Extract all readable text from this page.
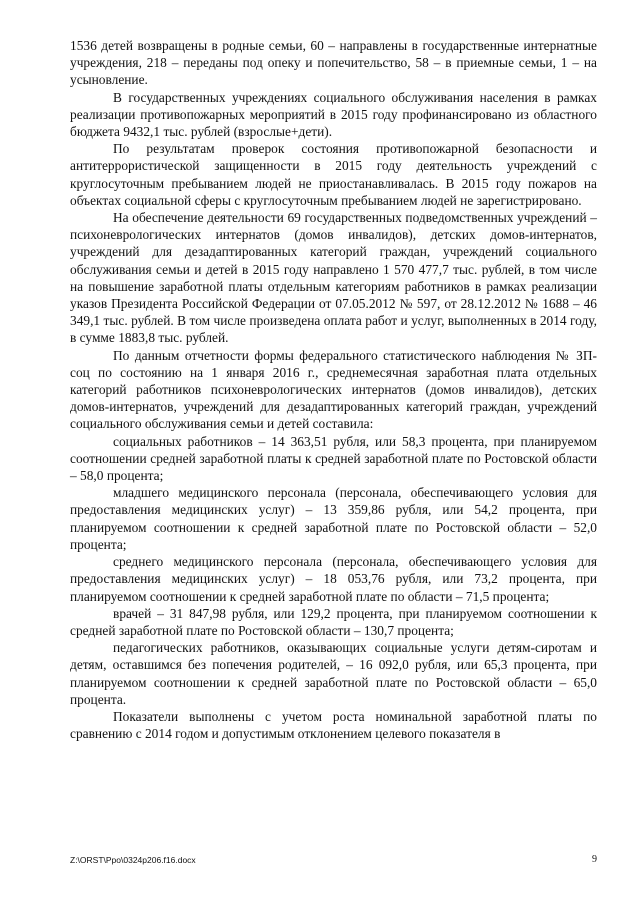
1536 детей возвращены в родные семьи, 60 – направлены в государственные интернатные учреждения, 218 – переданы под опеку и попечительство, 58 – в приемные семьи, 1 – на усыновление.

В государственных учреждениях социального обслуживания населения в рамках реализации противопожарных мероприятий в 2015 году профинансировано из областного бюджета 9432,1 тыс. рублей (взрослые+дети).

По результатам проверок состояния противопожарной безопасности и антитеррористической защищенности в 2015 году деятельность учреждений с круглосуточным пребыванием людей не приостанавливалась. В 2015 году пожаров на объектах социальной сферы с круглосуточным пребыванием людей не зарегистрировано.

На обеспечение деятельности 69 государственных подведомственных учреждений – психоневрологических интернатов (домов инвалидов), детских домов-интернатов, учреждений для дезадаптированных категорий граждан, учреждений социального обслуживания семьи и детей в 2015 году направлено 1 570 477,7 тыс. рублей, в том числе на повышение заработной платы отдельным категориям работников в рамках реализации указов Президента Российской Федерации от 07.05.2012 № 597, от 28.12.2012 № 1688 – 46 349,1 тыс. рублей. В том числе произведена оплата работ и услуг, выполненных в 2014 году, в сумме 1883,8 тыс. рублей.

По данным отчетности формы федерального статистического наблюдения № ЗП-соц по состоянию на 1 января 2016 г., среднемесячная заработная плата отдельных категорий работников психоневрологических интернатов (домов инвалидов), детских домов-интернатов, учреждений для дезадаптированных категорий граждан, учреждений социального обслуживания семьи и детей составила:

социальных работников – 14 363,51 рубля, или 58,3 процента, при планируемом соотношении средней заработной платы к средней заработной плате по Ростовской области – 58,0 процента;

младшего медицинского персонала (персонала, обеспечивающего условия для предоставления медицинских услуг) – 13 359,86 рубля, или 54,2 процента, при планируемом соотношении к средней заработной плате по Ростовской области – 52,0 процента;

среднего медицинского персонала (персонала, обеспечивающего условия для предоставления медицинских услуг) – 18 053,76 рубля, или 73,2 процента, при планируемом соотношении к средней заработной плате по области – 71,5 процента;

врачей – 31 847,98 рубля, или 129,2 процента, при планируемом соотношении к средней заработной плате по Ростовской области – 130,7 процента;

педагогических работников, оказывающих социальные услуги детям-сиротам и детям, оставшимся без попечения родителей, – 16 092,0 рубля, или 65,3 процента, при планируемом соотношении к средней заработной плате по Ростовской области – 65,0 процента.

Показатели выполнены с учетом роста номинальной заработной платы по сравнению с 2014 годом и допустимым отклонением целевого показателя в

Z:\ORST\Ppo\0324p206.f16.docx	9
